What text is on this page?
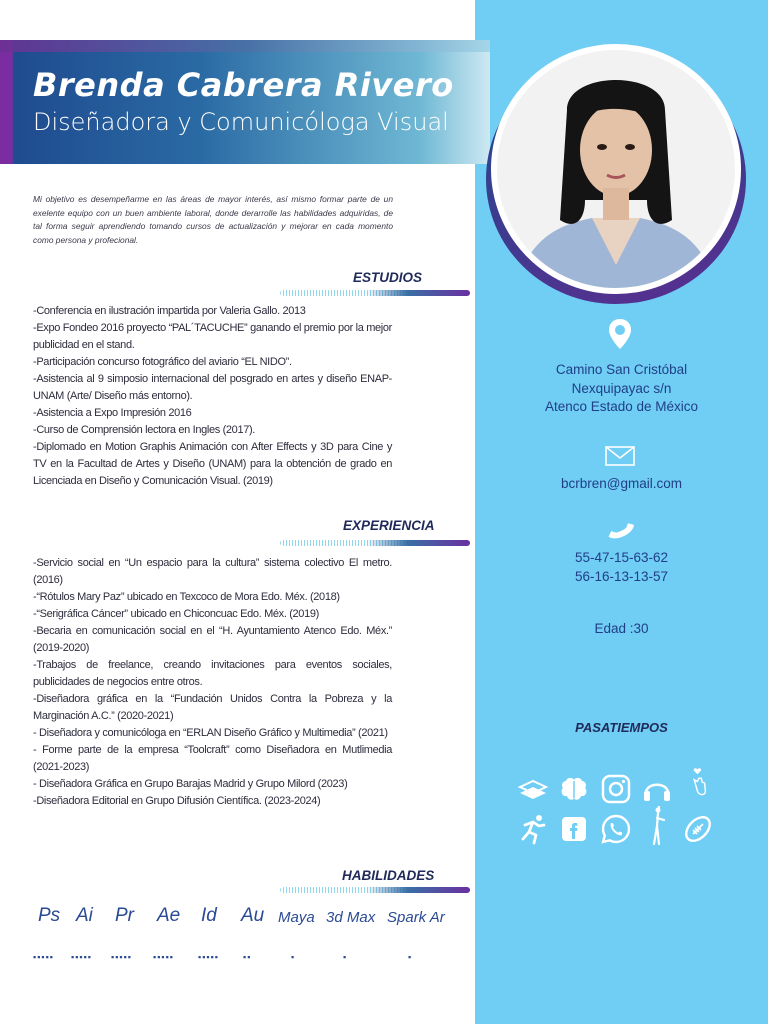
Brenda Cabrera Rivero
Diseñadora y Comunicóloga Visual

Mi objetivo es desempeñarme en las áreas de mayor interés, así mismo formar parte de un exelente equipo con un buen ambiente laboral, donde derarrolle las habilidades adquiridas, de tal forma seguir aprendiendo tomando cursos de actualización y mejorar en cada momento como persona y profecional.

ESTUDIOS
-Conferencia en ilustración impartida por Valeria Gallo. 2013
-Expo Fondeo 2016 proyecto “PAL´TACUCHE” ganando el premio por la mejor publicidad en el stand.
-Participación concurso fotográfico del aviario “EL NIDO”.
-Asistencia al 9 simposio internacional del posgrado en artes y diseño ENAP-UNAM (Arte/ Diseño más entorno).
-Asistencia a Expo Impresión 2016
-Curso de Comprensión lectora en Ingles (2017).
-Diplomado en Motion Graphis Animación con After Effects y 3D para Cine y TV en la Facultad de Artes y Diseño (UNAM) para la obtención de grado en Licenciada en Diseño y Comunicación Visual. (2019)
EXPERIENCIA
-Servicio social en “Un espacio para la cultura” sistema colectivo El metro. (2016)
-“Rótulos Mary Paz” ubicado en Texcoco de Mora Edo. Méx. (2018)
-“Serigráfica Cáncer” ubicado en Chiconcuac Edo. Méx. (2019)
-Becaria en comunicación social en el “H. Ayuntamiento Atenco Edo. Méx.” (2019-2020)
-Trabajos de freelance, creando invitaciones para eventos sociales, publicidades de negocios entre otros.
-Diseñadora gráfica en la “Fundación Unidos Contra la Pobreza y la Marginación A.C.” (2020-2021)
- Diseñadora y comunicóloga en “ERLAN Diseño Gráfico y Multimedia” (2021)
- Forme parte de la empresa “Toolcraft” como Diseñadora en Mutlimedia (2021-2023)
- Diseñadora Gráfica en Grupo Barajas Madrid y Grupo Milord (2023)
-Diseñadora Editorial en Grupo Difusión Científica. (2023-2024)
HABILIDADES
Ps Ai Pr Ae Id Au Maya 3d Max Spark Ar
▪▪▪▪▪ ▪▪▪▪▪ ▪▪▪▪▪ ▪▪▪▪▪	▪▪▪▪▪	▪▪	▪	▪	▪
Camino San Cristóbal
Nexquipayac s/n
Atenco Estado de México
bcrbren@gmail.com
55-47-15-63-62
56-16-13-13-57
Edad :30
PASATIEMPOS
